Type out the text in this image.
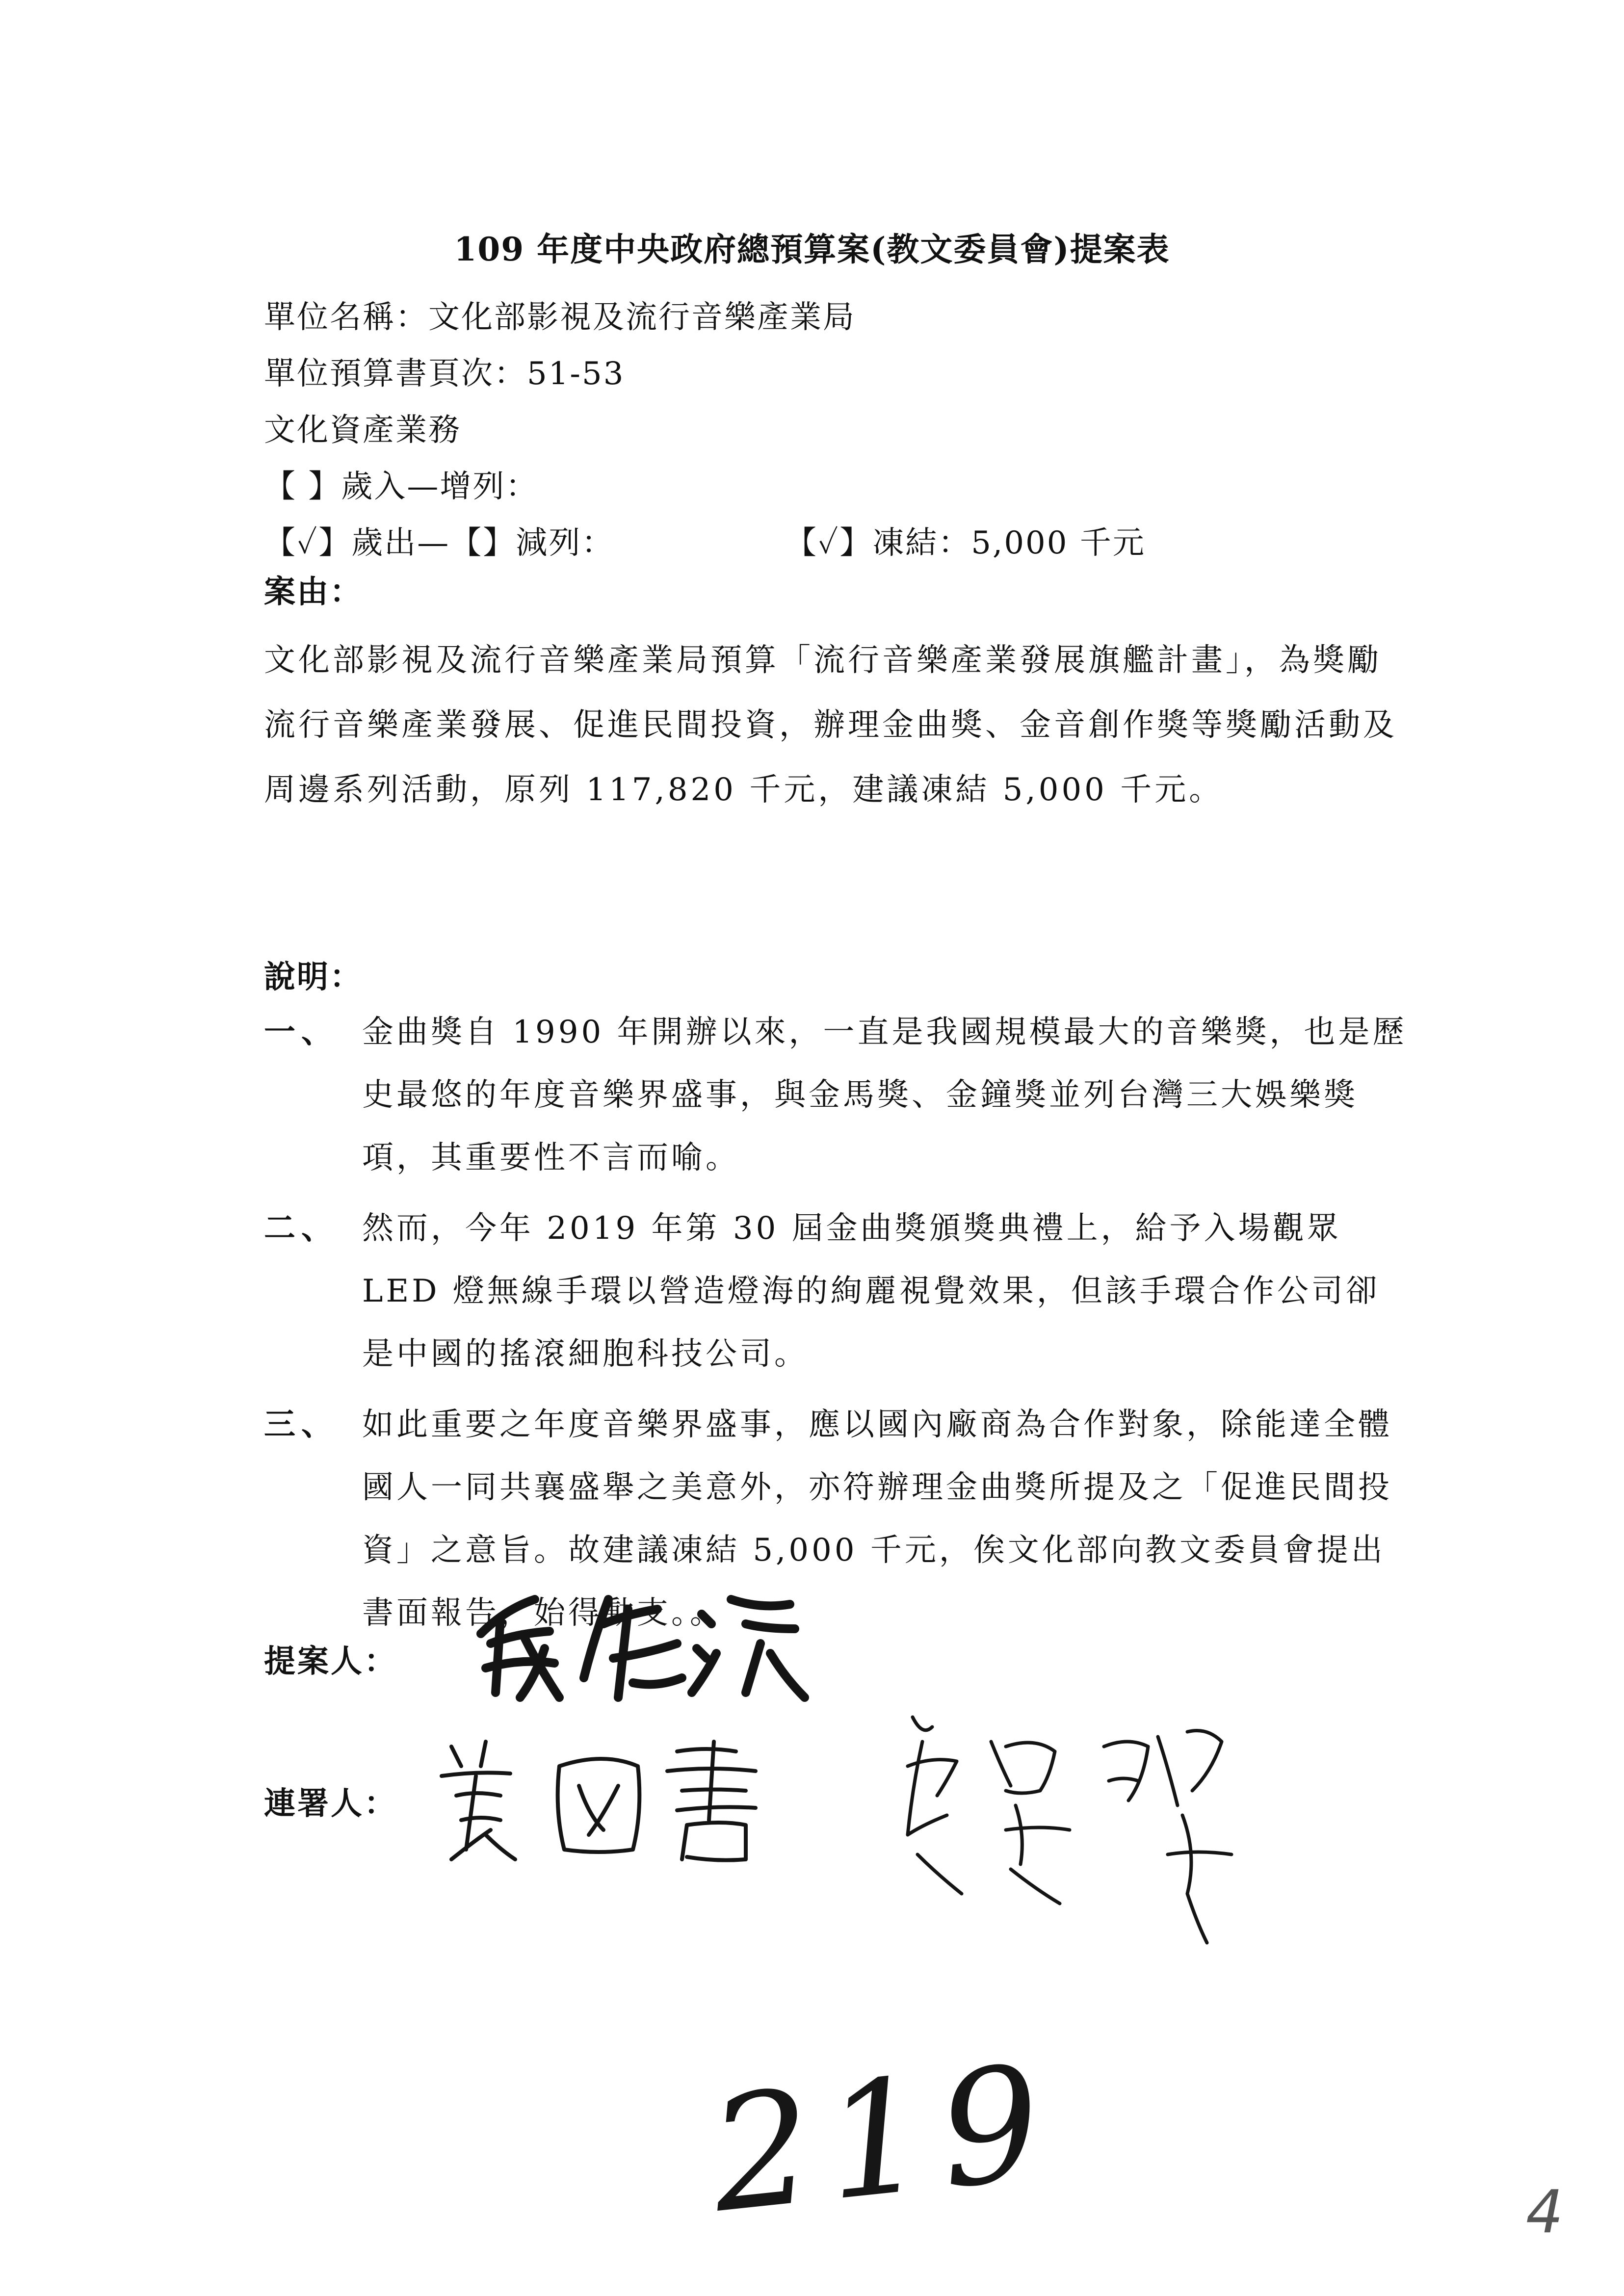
109 年度中央政府總預算案(教文委員會)提案表
單位名稱：文化部影視及流行音樂產業局
單位預算書頁次：51-53
文化資產業務
【 】歲入—增列：
【✓】歲出—【】減列：	【✓】凍結：5,000 千元
案由：
文化部影視及流行音樂產業局預算「流行音樂產業發展旗艦計畫」，為獎勵流行音樂產業發展、促進民間投資，辦理金曲獎、金音創作獎等獎勵活動及周邊系列活動，原列 117,820 千元，建議凍結 5,000 千元。
說明：
一、 金曲獎自 1990 年開辦以來，一直是我國規模最大的音樂獎，也是歷史最悠的年度音樂界盛事，與金馬獎、金鐘獎並列台灣三大娛樂獎項，其重要性不言而喻。
二、 然而，今年 2019 年第 30 屆金曲獎頒獎典禮上，給予入場觀眾 LED 燈無線手環以營造燈海的絢麗視覺效果，但該手環合作公司卻是中國的搖滾細胞科技公司。
三、 如此重要之年度音樂界盛事，應以國內廠商為合作對象，除能達全體國人一同共襄盛舉之美意外，亦符辦理金曲獎所提及之「促進民間投資」之意旨。故建議凍結 5,000 千元，俟文化部向教文委員會提出書面報告，始得動支。。
提案人：
連署人：
219	4
